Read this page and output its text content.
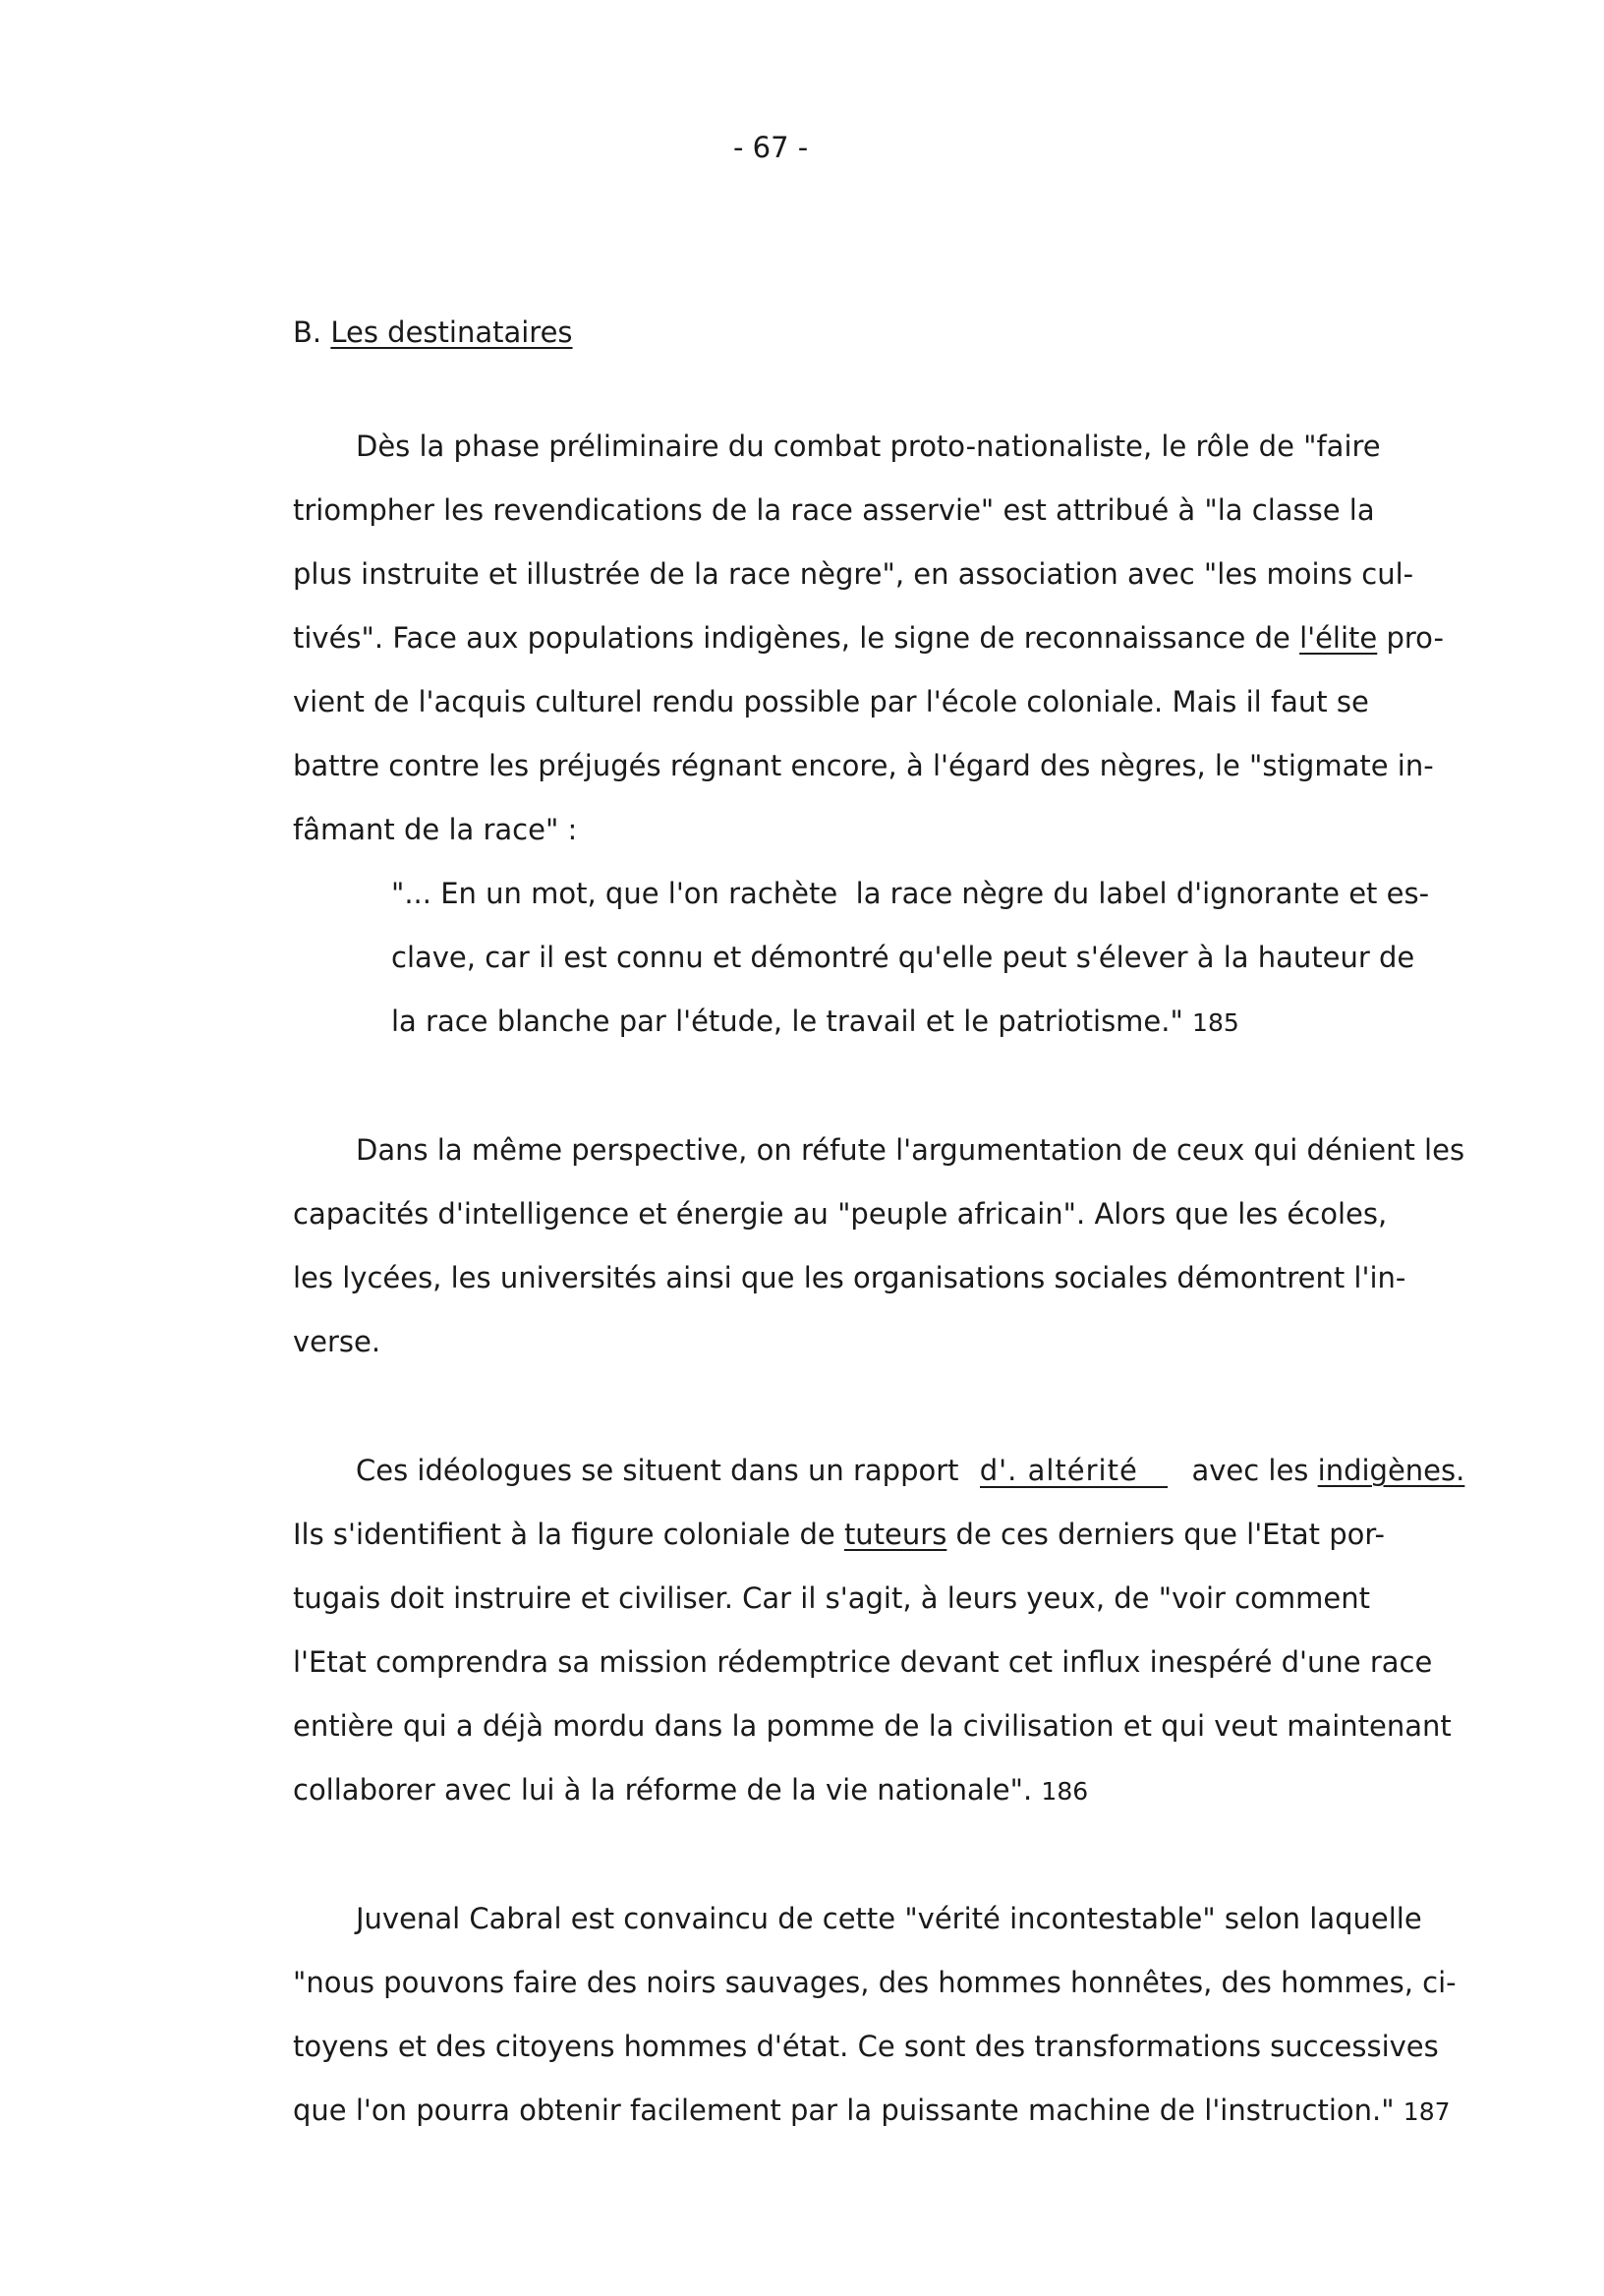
- 67 -
B. Les destinataires
Dès la phase préliminaire du combat proto-nationaliste, le rôle de "faire
triompher les revendications de la race asservie" est attribué à "la classe la
plus instruite et illustrée de la race nègre", en association avec "les moins cul-
tivés". Face aux populations indigènes, le signe de reconnaissance de l'élite pro-
vient de l'acquis culturel rendu possible par l'école coloniale. Mais il faut se
battre contre les préjugés régnant encore, à l'égard des nègres, le "stigmate in-
fâmant de la race" :
"... En un mot, que l'on rachète  la race nègre du label d'ignorante et es-
clave, car il est connu et démontré qu'elle peut s'élever à la hauteur de
la race blanche par l'étude, le travail et le patriotisme." 185
Dans la même perspective, on réfute l'argumentation de ceux qui dénient les
capacités d'intelligence et énergie au "peuple africain". Alors que les écoles,
les lycées, les universités ainsi que les organisations sociales démontrent l'in-
verse.
Ces idéologues se situent dans un rapport d'. altérité avec les indigènes.
Ils s'identifient à la figure coloniale de tuteurs de ces derniers que l'Etat por-
tugais doit instruire et civiliser. Car il s'agit, à leurs yeux, de "voir comment
l'Etat comprendra sa mission rédemptrice devant cet influx inespéré d'une race
entière qui a déjà mordu dans la pomme de la civilisation et qui veut maintenant
collaborer avec lui à la réforme de la vie nationale". 186
Juvenal Cabral est convaincu de cette "vérité incontestable" selon laquelle
"nous pouvons faire des noirs sauvages, des hommes honnêtes, des hommes, ci-
toyens et des citoyens hommes d'état. Ce sont des transformations successives
que l'on pourra obtenir facilement par la puissante machine de l'instruction." 187
